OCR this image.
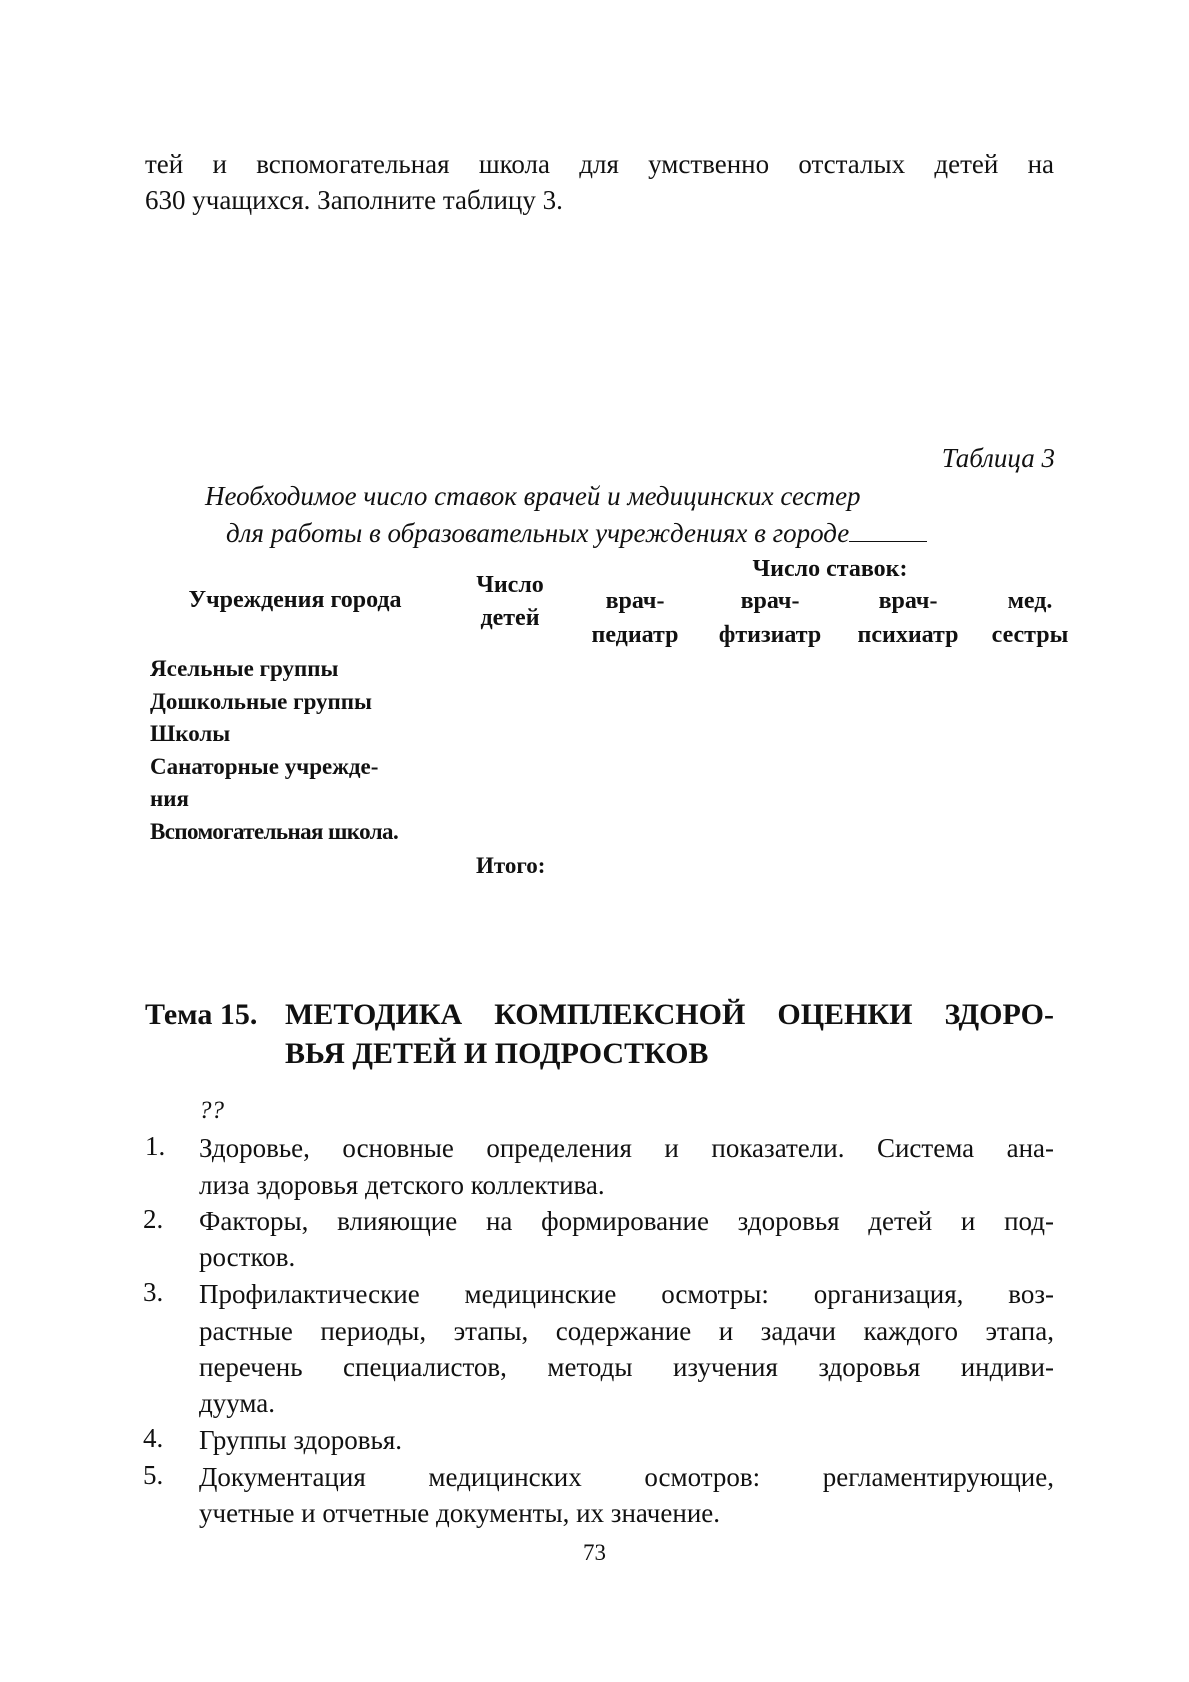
тей и вспомогательная школа для умственно отсталых детей на
630 учащихся. Заполните таблицу 3.
Таблица 3
Необходимое число ставок врачей и медицинских сестер
для работы в образовательных учреждениях в городе
Учреждения города
Число
детей
Число ставок:
врач-
педиатр
врач-
фтизиатр
врач-
психиатр
мед.
сестры
Ясельные группы
Дошкольные группы
Школы
Санаторные учрежде-
ния
Вспомогательная школа.
Итого:
Тема 15. МЕТОДИКА КОМПЛЕКСНОЙ ОЦЕНКИ ЗДОРО-
ВЬЯ ДЕТЕЙ И ПОДРОСТКОВ
??
1. Здоровье, основные определения и показатели. Система ана-
лиза здоровья детского коллектива.
2. Факторы, влияющие на формирование здоровья детей и под-
ростков.
3. Профилактические медицинские осмотры: организация, воз-
растные периоды, этапы, содержание и задачи каждого этапа,
перечень специалистов, методы изучения здоровья индиви-
дуума.
4. Группы здоровья.
5. Документация медицинских осмотров: регламентирующие,
учетные и отчетные документы, их значение.
73
